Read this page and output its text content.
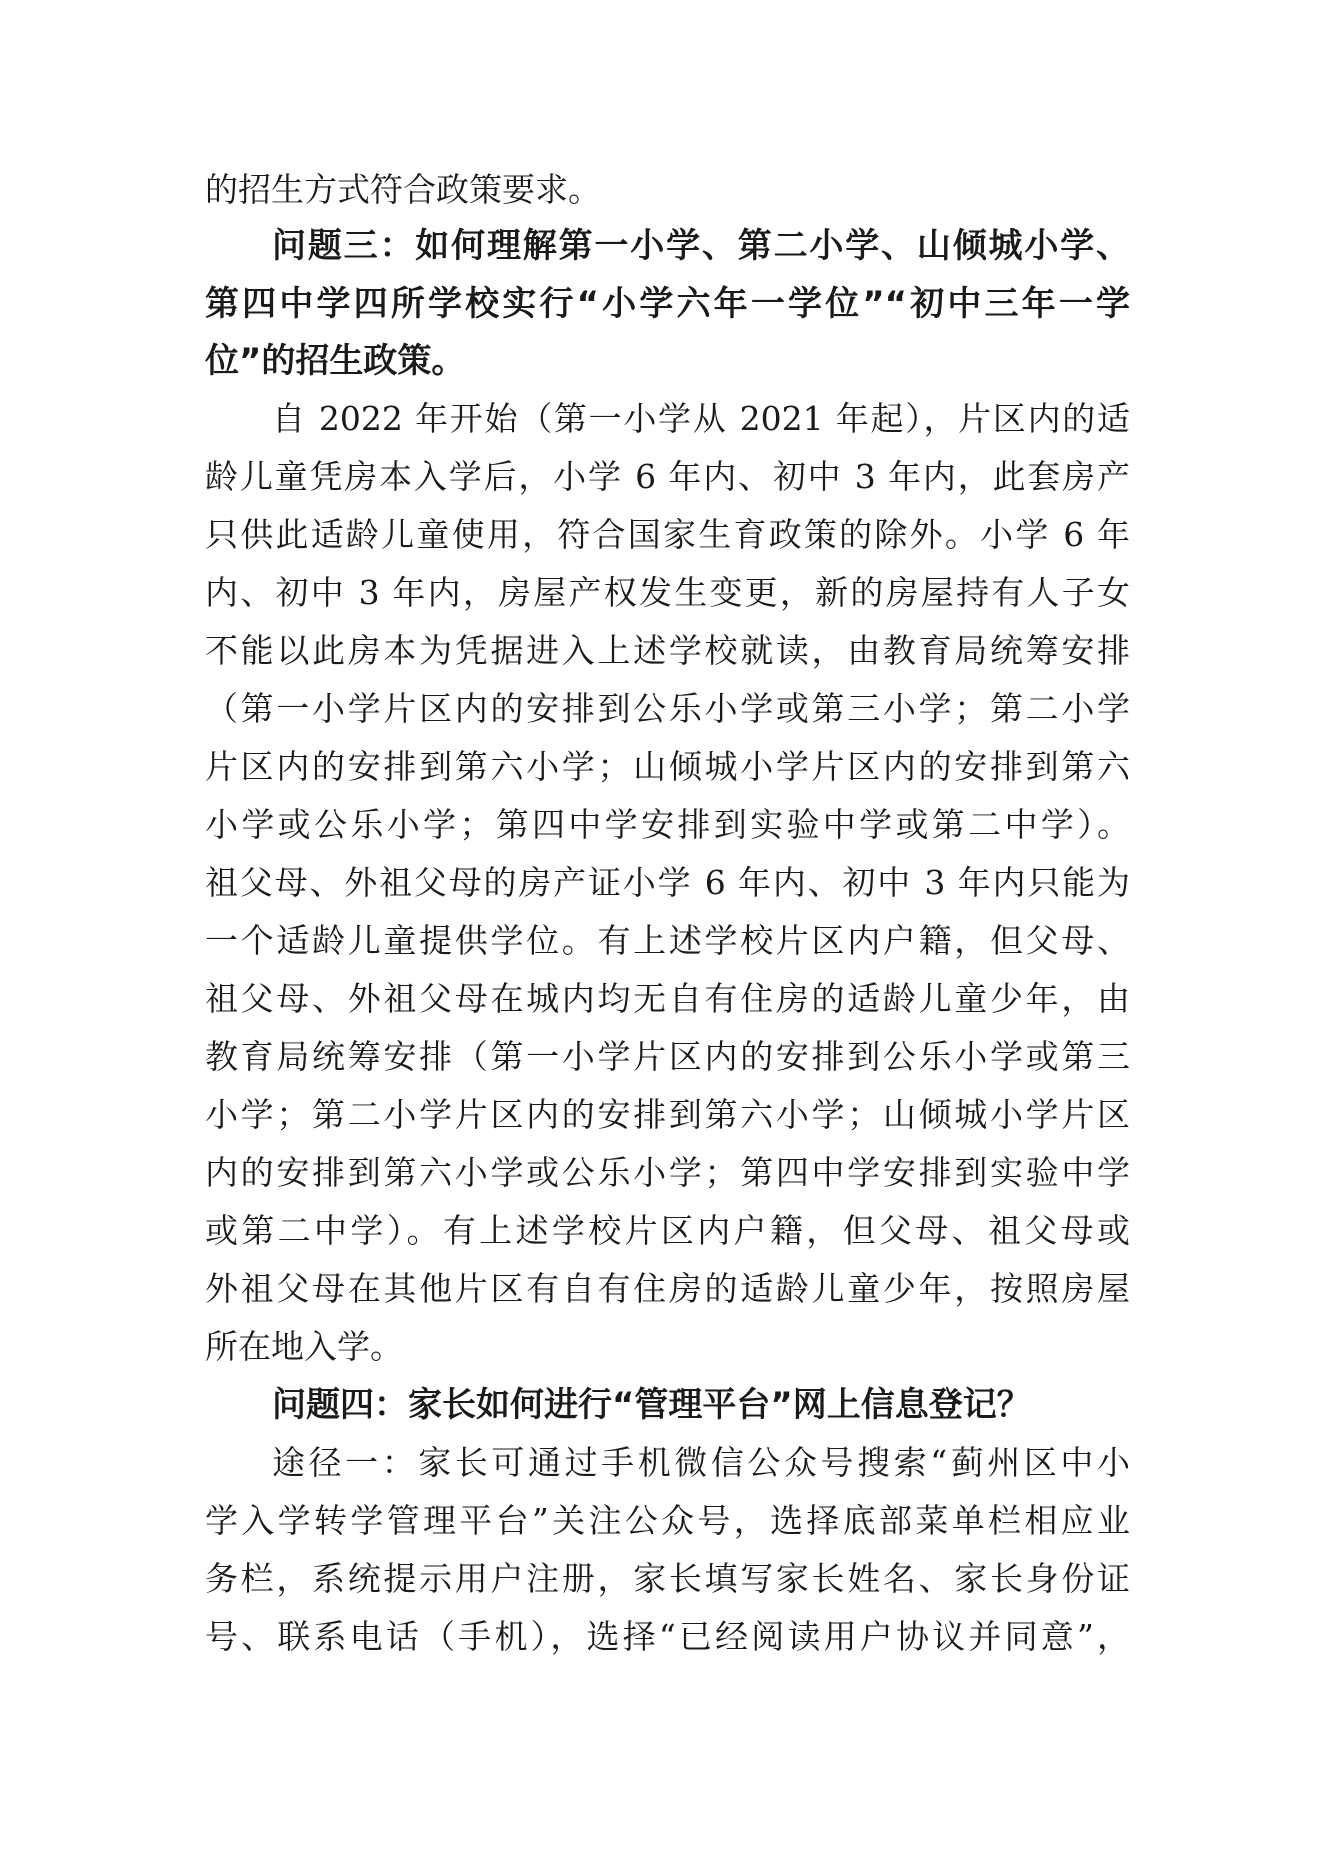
的招生方式符合政策要求。
问题三：如何理解第一小学、第二小学、山倾城小学、
第四中学四所学校实行“小学六年一学位”“初中三年一学
位”的招生政策。
自 2022 年开始（第一小学从 2021 年起），片区内的适
龄儿童凭房本入学后，小学 6 年内、初中 3 年内，此套房产
只供此适龄儿童使用，符合国家生育政策的除外。小学 6 年
内、初中 3 年内，房屋产权发生变更，新的房屋持有人子女
不能以此房本为凭据进入上述学校就读，由教育局统筹安排
（第一小学片区内的安排到公乐小学或第三小学；第二小学
片区内的安排到第六小学；山倾城小学片区内的安排到第六
小学或公乐小学；第四中学安排到实验中学或第二中学）。
祖父母、外祖父母的房产证小学 6 年内、初中 3 年内只能为
一个适龄儿童提供学位。有上述学校片区内户籍，但父母、
祖父母、外祖父母在城内均无自有住房的适龄儿童少年，由
教育局统筹安排（第一小学片区内的安排到公乐小学或第三
小学；第二小学片区内的安排到第六小学；山倾城小学片区
内的安排到第六小学或公乐小学；第四中学安排到实验中学
或第二中学）。有上述学校片区内户籍，但父母、祖父母或
外祖父母在其他片区有自有住房的适龄儿童少年，按照房屋
所在地入学。
问题四：家长如何进行“管理平台”网上信息登记？
途径一：家长可通过手机微信公众号搜索“蓟州区中小
学入学转学管理平台”关注公众号，选择底部菜单栏相应业
务栏，系统提示用户注册，家长填写家长姓名、家长身份证
号、联系电话（手机），选择“已经阅读用户协议并同意”，
